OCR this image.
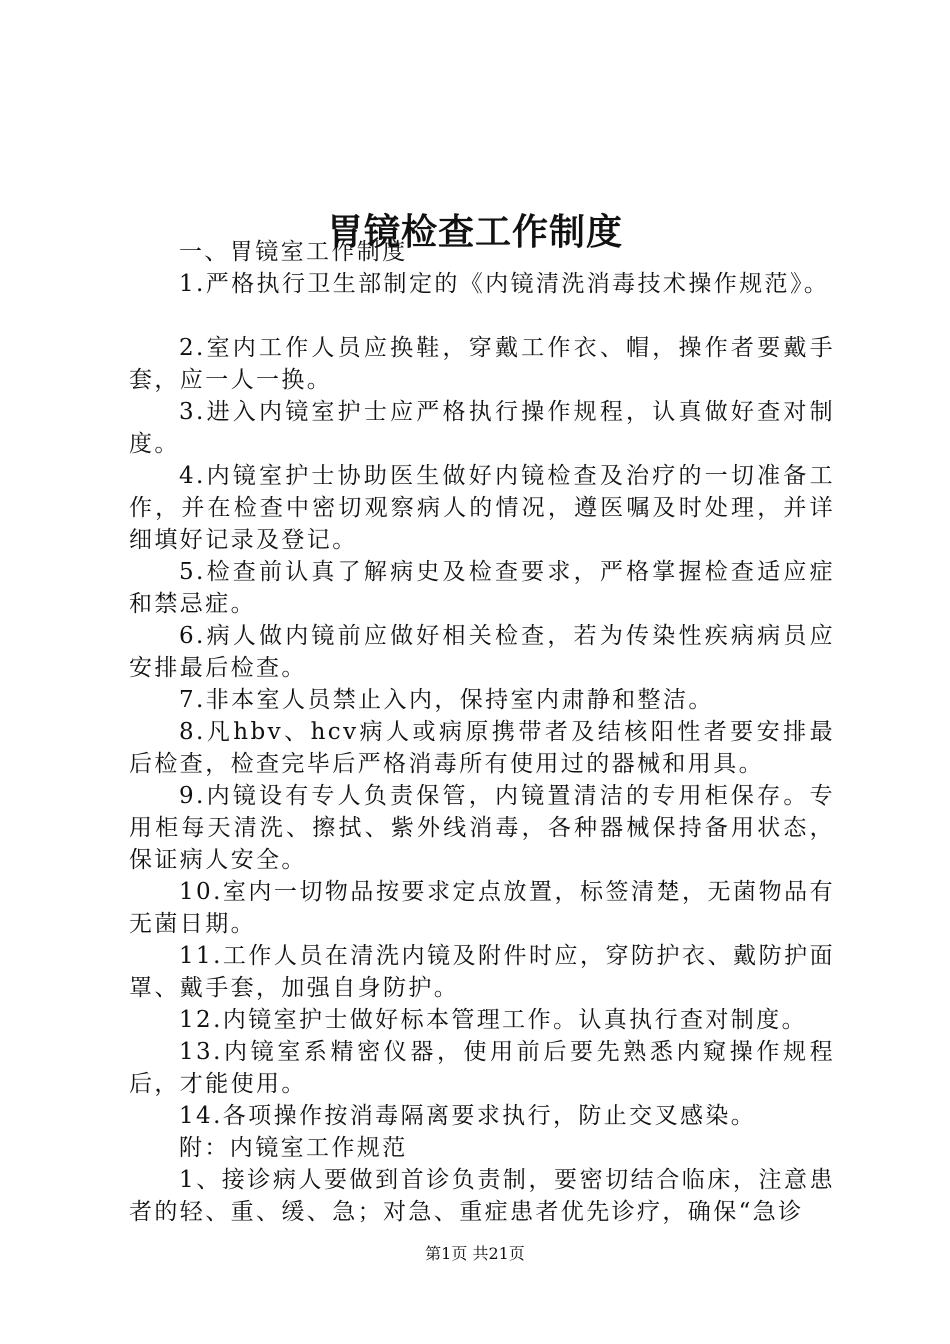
胃镜检查工作制度

一、胃镜室工作制度

1.严格执行卫生部制定的《内镜清洗消毒技术操作规范》。

2.室内工作人员应换鞋，穿戴工作衣、帽，操作者要戴手套，应一人一换。

3.进入内镜室护士应严格执行操作规程，认真做好查对制度。

4.内镜室护士协助医生做好内镜检查及治疗的一切准备工作，并在检查中密切观察病人的情况，遵医嘱及时处理，并详细填好记录及登记。

5.检查前认真了解病史及检查要求，严格掌握检查适应症和禁忌症。

6.病人做内镜前应做好相关检查，若为传染性疾病病员应安排最后检查。

7.非本室人员禁止入内，保持室内肃静和整洁。

8.凡hbv、hcv病人或病原携带者及结核阳性者要安排最后检查，检查完毕后严格消毒所有使用过的器械和用具。

9.内镜设有专人负责保管，内镜置清洁的专用柜保存。专用柜每天清洗、擦拭、紫外线消毒，各种器械保持备用状态，保证病人安全。

10.室内一切物品按要求定点放置，标签清楚，无菌物品有无菌日期。

11.工作人员在清洗内镜及附件时应，穿防护衣、戴防护面罩、戴手套，加强自身防护。

12.内镜室护士做好标本管理工作。认真执行查对制度。

13.内镜室系精密仪器，使用前后要先熟悉内窥操作规程后，才能使用。

14.各项操作按消毒隔离要求执行，防止交叉感染。

附：内镜室工作规范

1、接诊病人要做到首诊负责制，要密切结合临床，注意患者的轻、重、缓、急；对急、重症患者优先诊疗，确保“急诊

第1页 共21页
